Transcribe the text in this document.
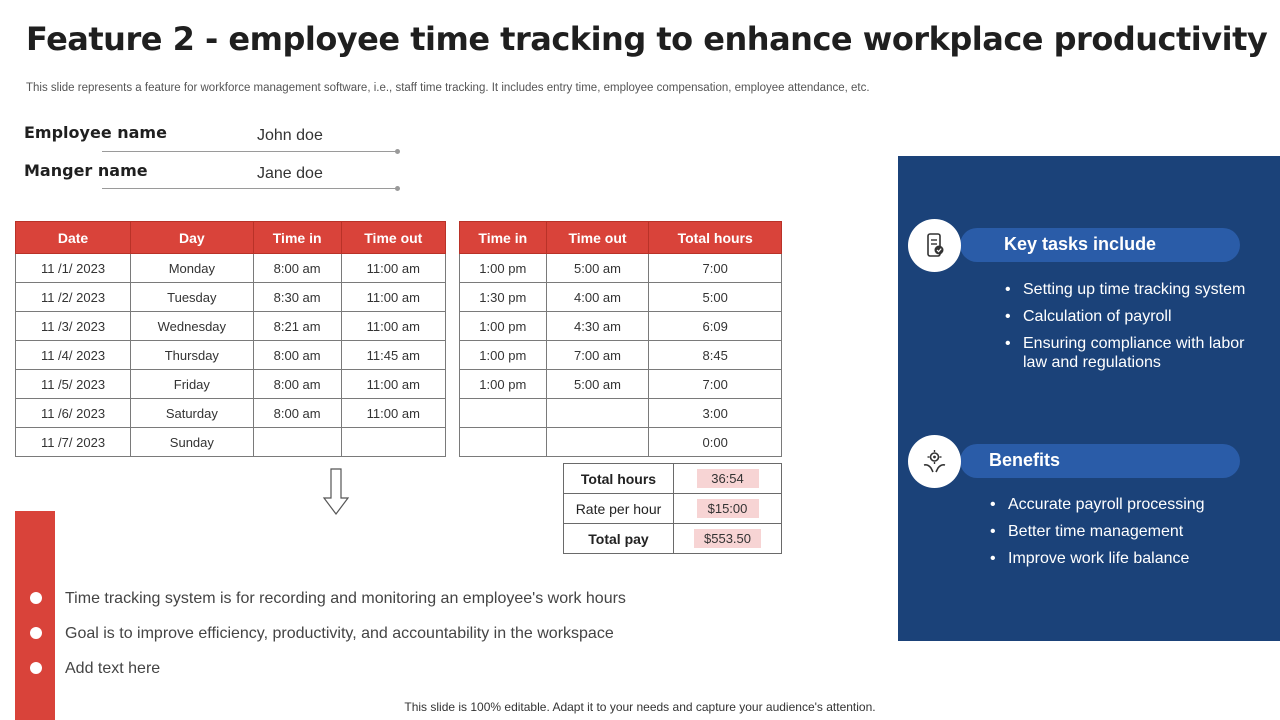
Feature 2 - employee time tracking to enhance workplace productivity
This slide represents a feature for workforce management software, i.e., staff time tracking. It includes entry time, employee compensation, employee attendance, etc.
Employee name	John doe
Manger name	Jane doe
Date	Day	Time in	Time out
11 /1/ 2023	Monday	8:00 am	11:00 am
11 /2/ 2023	Tuesday	8:30 am	11:00 am
11 /3/ 2023	Wednesday	8:21 am	11:00 am
11 /4/ 2023	Thursday	8:00 am	11:45 am
11 /5/ 2023	Friday	8:00 am	11:00 am
11 /6/ 2023	Saturday	8:00 am	11:00 am
11 /7/ 2023	Sunday		
Time in	Time out	Total hours
1:00 pm	5:00 am	7:00
1:30 pm	4:00 am	5:00
1:00 pm	4:30 am	6:09
1:00 pm	7:00 am	8:45
1:00 pm	5:00 am	7:00
		3:00
		0:00
Total hours	36:54
Rate per hour	$15:00
Total pay	$553.50
Time tracking system is for recording and monitoring an employee's work hours
Goal is to improve efficiency, productivity, and accountability in the workspace
Add text here
Key tasks include
• Setting up time tracking system
• Calculation of payroll
• Ensuring compliance with labor law and regulations
Benefits
• Accurate payroll processing
• Better time management
• Improve work life balance
This slide is 100% editable. Adapt it to your needs and capture your audience's attention.
